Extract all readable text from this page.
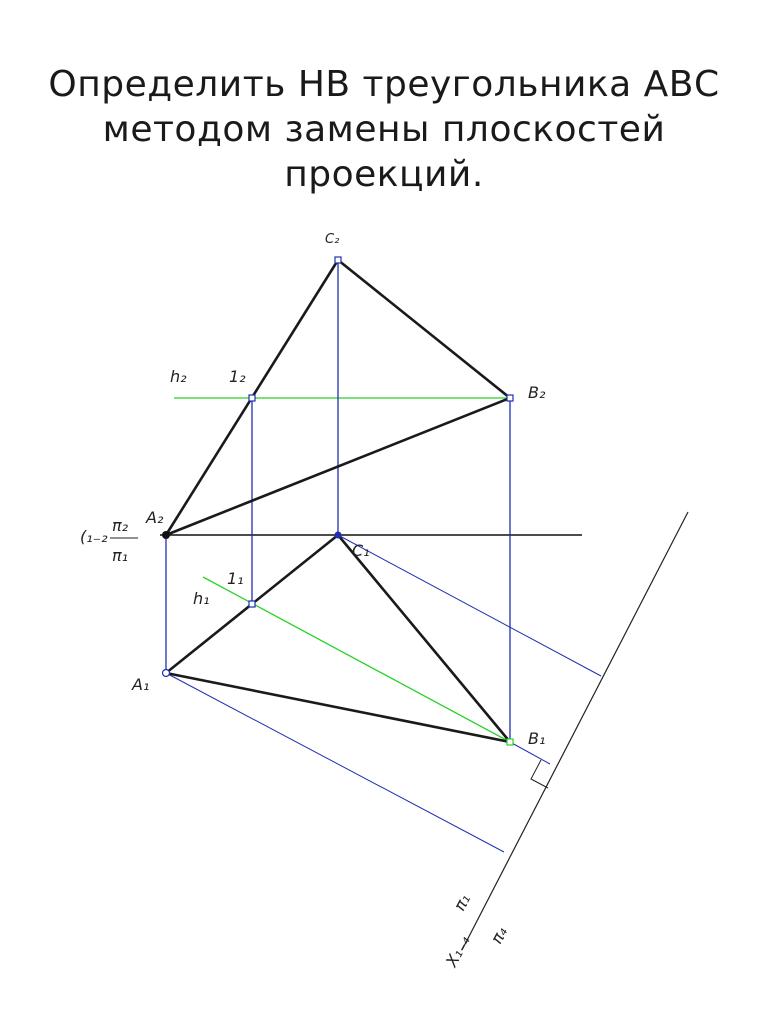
Определить НВ треугольника АВС
методом замены плоскостей
проекций.
C₂
h₂	1₂
B₂
A₂
(₁₋₂
π₂
π₁	C₁
1₁
h₁
A₁
B₁
X₁₋₄
π₁
π₄
